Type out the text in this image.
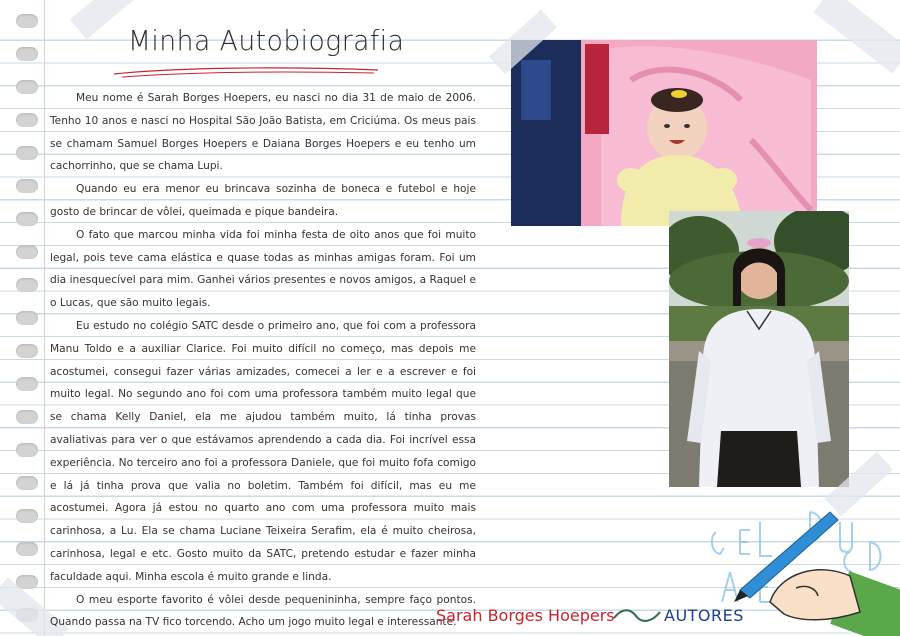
Minha Autobiografia

Meu nome é Sarah Borges Hoepers, eu nasci no dia 31 de maio de 2006. Tenho 10 anos e nasci no Hospital São João Batista, em Criciúma. Os meus pais se chamam Samuel Borges Hoepers e Daiana Borges Hoepers e eu tenho um cachorrinho, que se chama Lupi.

Quando eu era menor eu brincava sozinha de boneca e futebol e hoje gosto de brincar de vôlei, queimada e pique bandeira.

O fato que marcou minha vida foi minha festa de oito anos que foi muito legal, pois teve cama elástica e quase todas as minhas amigas foram. Foi um dia inesquecível para mim. Ganhei vários presentes e novos amigos, a Raquel e o Lucas, que são muito legais.

Eu estudo no colégio SATC desde o primeiro ano, que foi com a professora Manu Toldo e a auxiliar Clarice. Foi muito difícil no começo, mas depois me acostumei, consegui fazer várias amizades, comecei a ler e a escrever e foi muito legal. No segundo ano foi com uma professora também muito legal que se chama Kelly Daniel, ela me ajudou também muito, lá tinha provas avaliativas para ver o que estávamos aprendendo a cada dia. Foi incrível essa experiência. No terceiro ano foi a professora Daniele, que foi muito fofa comigo e lá já tinha prova que valia no boletim. Também foi difícil, mas eu me acostumei. Agora já estou no quarto ano com uma professora muito mais carinhosa, a Lu. Ela se chama Luciane Teixeira Serafim, ela é muito cheirosa, carinhosa, legal e etc. Gosto muito da SATC, pretendo estudar e fazer minha faculdade aqui. Minha escola é muito grande e linda.

O meu esporte favorito é vôlei desde pequenininha, sempre faço pontos. Quando passa na TV fico torcendo. Acho um jogo muito legal e interessante.

Sarah Borges Hoepers	AUTORES
